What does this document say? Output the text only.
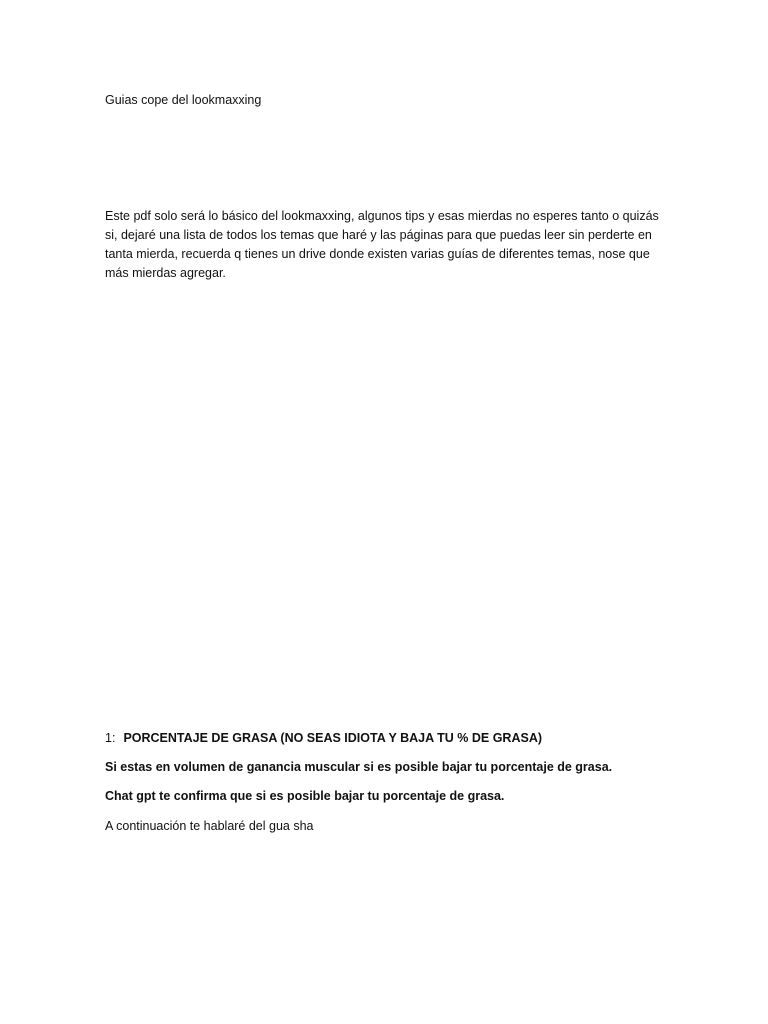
Guias cope del lookmaxxing
Este pdf solo será lo básico del lookmaxxing, algunos tips y esas mierdas no esperes tanto o quizás
si, dejaré una lista de todos los temas que haré y las páginas para que puedas leer sin perderte en
tanta mierda, recuerda q tienes un drive donde existen varias guías de diferentes temas, nose que
más mierdas agregar.
1: PORCENTAJE DE GRASA (NO SEAS IDIOTA Y BAJA TU % DE GRASA)
Si estas en volumen de ganancia muscular si es posible bajar tu porcentaje de grasa.
Chat gpt te confirma que si es posible bajar tu porcentaje de grasa.
A continuación te hablaré del gua sha
